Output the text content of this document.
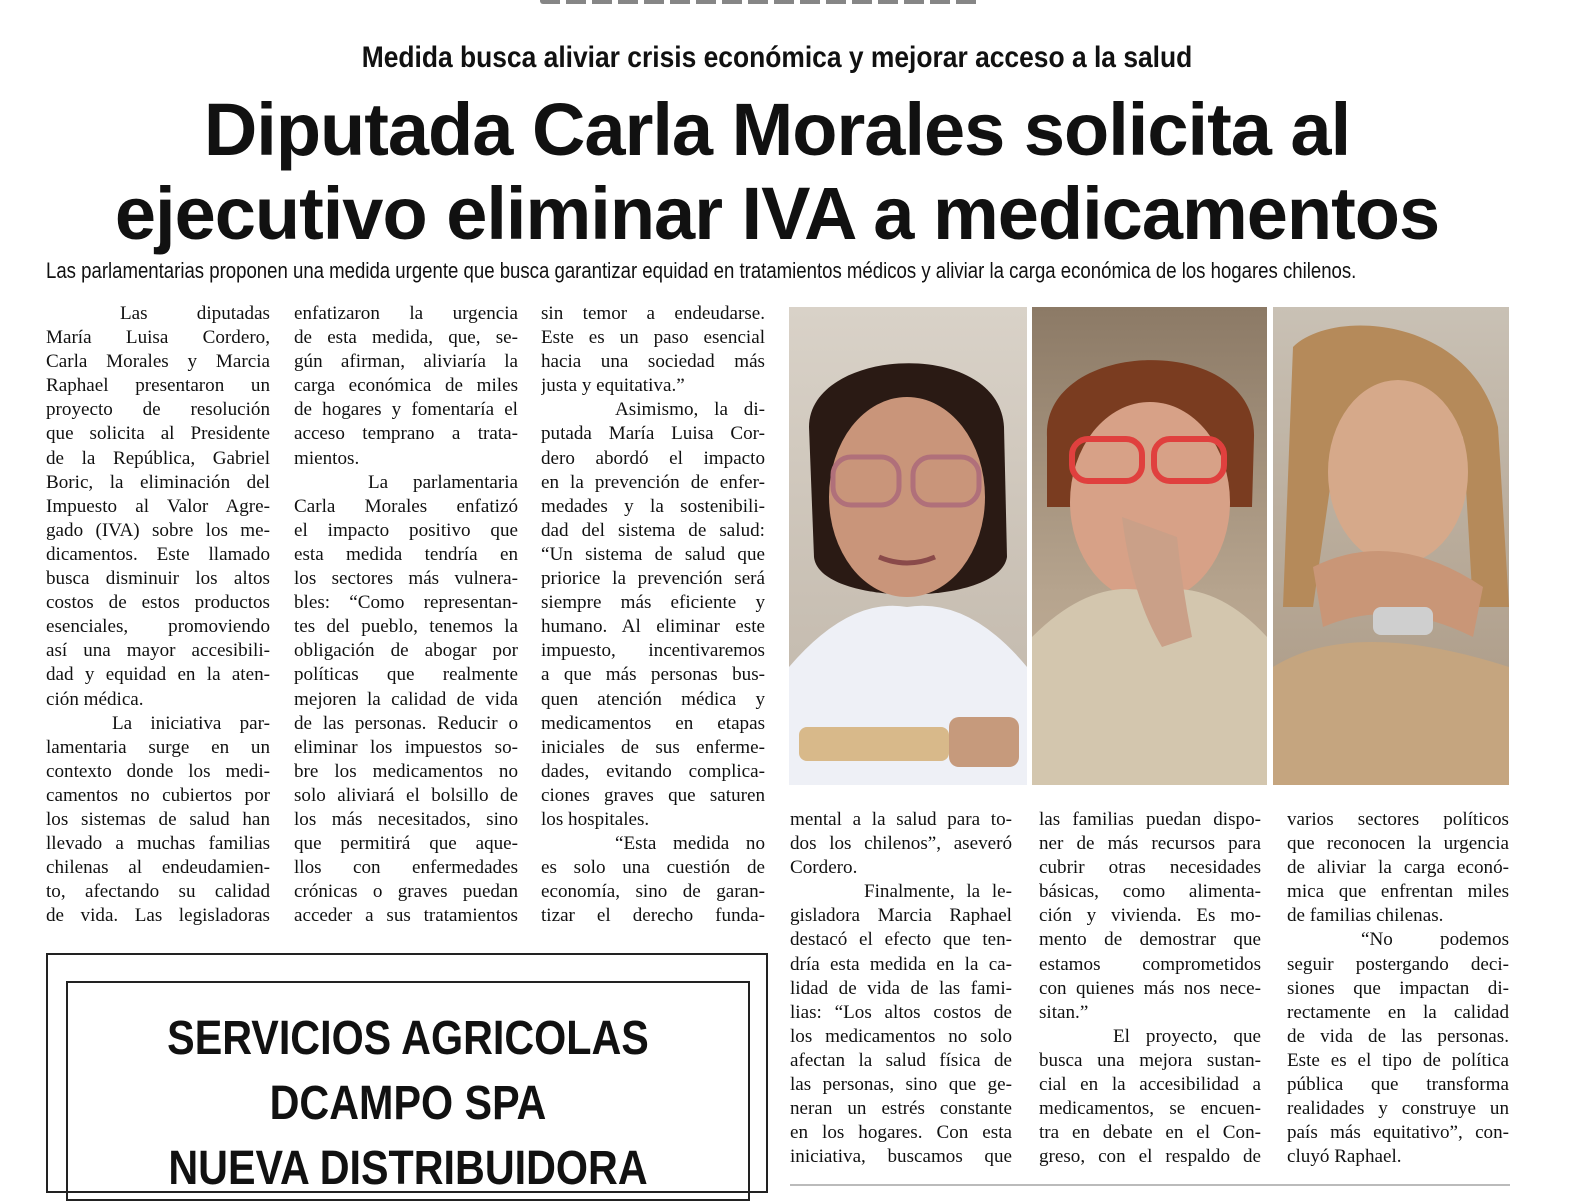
Medida busca aliviar crisis económica y mejorar acceso a la salud
Diputada Carla Morales solicita al
ejecutivo eliminar IVA a medicamentos
Las parlamentarias proponen una medida urgente que busca garantizar equidad en tratamientos médicos y aliviar la carga económica de los hogares chilenos.
Las diputadas
María Luisa Cordero,
Carla Morales y Marcia
Raphael presentaron un
proyecto de resolución
que solicita al Presidente
de la República, Gabriel
Boric, la eliminación del
Impuesto al Valor Agre-
gado (IVA) sobre los me-
dicamentos. Este llamado
busca disminuir los altos
costos de estos productos
esenciales, promoviendo
así una mayor accesibili-
dad y equidad en la aten-
ción médica.
La iniciativa par-
lamentaria surge en un
contexto donde los medi-
camentos no cubiertos por
los sistemas de salud han
llevado a muchas familias
chilenas al endeudamien-
to, afectando su calidad
de vida. Las legisladoras
enfatizaron la urgencia
de esta medida, que, se-
gún afirman, aliviaría la
carga económica de miles
de hogares y fomentaría el
acceso temprano a trata-
mientos.
La parlamentaria
Carla Morales enfatizó
el impacto positivo que
esta medida tendría en
los sectores más vulnera-
bles: “Como representan-
tes del pueblo, tenemos la
obligación de abogar por
políticas que realmente
mejoren la calidad de vida
de las personas. Reducir o
eliminar los impuestos so-
bre los medicamentos no
solo aliviará el bolsillo de
los más necesitados, sino
que permitirá que aque-
llos con enfermedades
crónicas o graves puedan
acceder a sus tratamientos
sin temor a endeudarse.
Este es un paso esencial
hacia una sociedad más
justa y equitativa.”
Asimismo, la di-
putada María Luisa Cor-
dero abordó el impacto
en la prevención de enfer-
medades y la sostenibili-
dad del sistema de salud:
“Un sistema de salud que
priorice la prevención será
siempre más eficiente y
humano. Al eliminar este
impuesto, incentivaremos
a que más personas bus-
quen atención médica y
medicamentos en etapas
iniciales de sus enferme-
dades, evitando complica-
ciones graves que saturen
los hospitales.
“Esta medida no
es solo una cuestión de
economía, sino de garan-
tizar el derecho funda-
mental a la salud para to-
dos los chilenos”, aseveró
Cordero.
Finalmente, la le-
gisladora Marcia Raphael
destacó el efecto que ten-
dría esta medida en la ca-
lidad de vida de las fami-
lias: “Los altos costos de
los medicamentos no solo
afectan la salud física de
las personas, sino que ge-
neran un estrés constante
en los hogares. Con esta
iniciativa, buscamos que
las familias puedan dispo-
ner de más recursos para
cubrir otras necesidades
básicas, como alimenta-
ción y vivienda. Es mo-
mento de demostrar que
estamos comprometidos
con quienes más nos nece-
sitan.”
El proyecto, que
busca una mejora sustan-
cial en la accesibilidad a
medicamentos, se encuen-
tra en debate en el Con-
greso, con el respaldo de
varios sectores políticos
que reconocen la urgencia
de aliviar la carga econó-
mica que enfrentan miles
de familias chilenas.
“No podemos
seguir postergando deci-
siones que impactan di-
rectamente en la calidad
de vida de las personas.
Este es el tipo de política
pública que transforma
realidades y construye un
país más equitativo”, con-
cluyó Raphael.
SERVICIOS AGRICOLAS
DCAMPO SPA
NUEVA DISTRIBUIDORA
